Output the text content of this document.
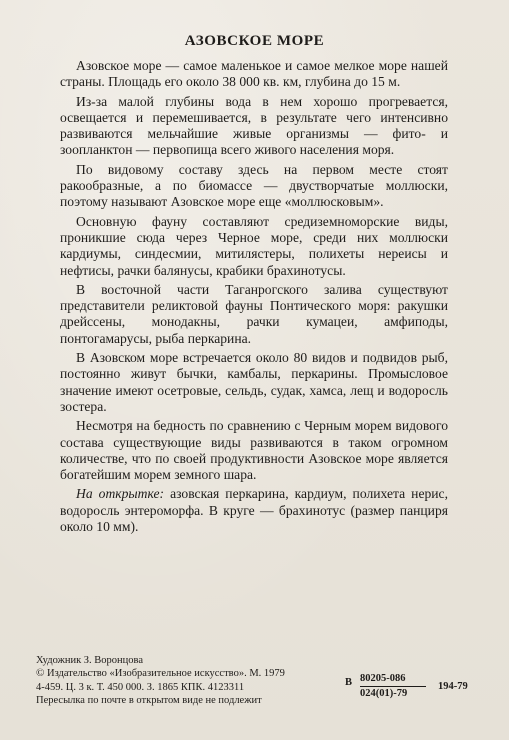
АЗОВСКОЕ МОРЕ

Азовское море — самое маленькое и самое мелкое море нашей страны. Площадь его около 38 000 кв. км, глубина до 15 м.

Из-за малой глубины вода в нем хорошо прогревается, освещается и перемешивается, в результате чего интенсивно развиваются мельчайшие живые организмы — фито- и зоопланктон — первопища всего живого населения моря.

По видовому составу здесь на первом месте стоят ракообразные, а по биомассе — двустворчатые моллюски, поэтому называют Азовское море еще «моллюсковым».

Основную фауну составляют средиземноморские виды, проникшие сюда через Черное море, среди них моллюски кардиумы, синдесмии, митилястеры, полихеты нереисы и нефтисы, рачки балянусы, крабики брахинотусы.

В восточной части Таганрогского залива существуют представители реликтовой фауны Понтического моря: ракушки дрейссены, монодакны, рачки кумацеи, амфиподы, понтогамарусы, рыба перкарина.

В Азовском море встречается около 80 видов и подвидов рыб, постоянно живут бычки, камбалы, перкарины. Промысловое значение имеют осетровые, сельдь, судак, хамса, лещ и водоросль зостера.

Несмотря на бедность по сравнению с Черным морем видового состава существующие виды развиваются в таком огромном количестве, что по своей продуктивности Азовское море является богатейшим морем земного шара.

На открытке: азовская перкарина, кардиум, полихета нерис, водоросль энтероморфа. В круге — брахинотус (размер панциря около 10 мм).

Художник З. Воронцова
© Издательство «Изобразительное искусство». М. 1979
4-459. Ц. 3 к. Т. 450 000. З. 1865 КПК. 4123311
Пересылка по почте в открытом виде не подлежит
В 80205-086
024(01)-79
194-79
